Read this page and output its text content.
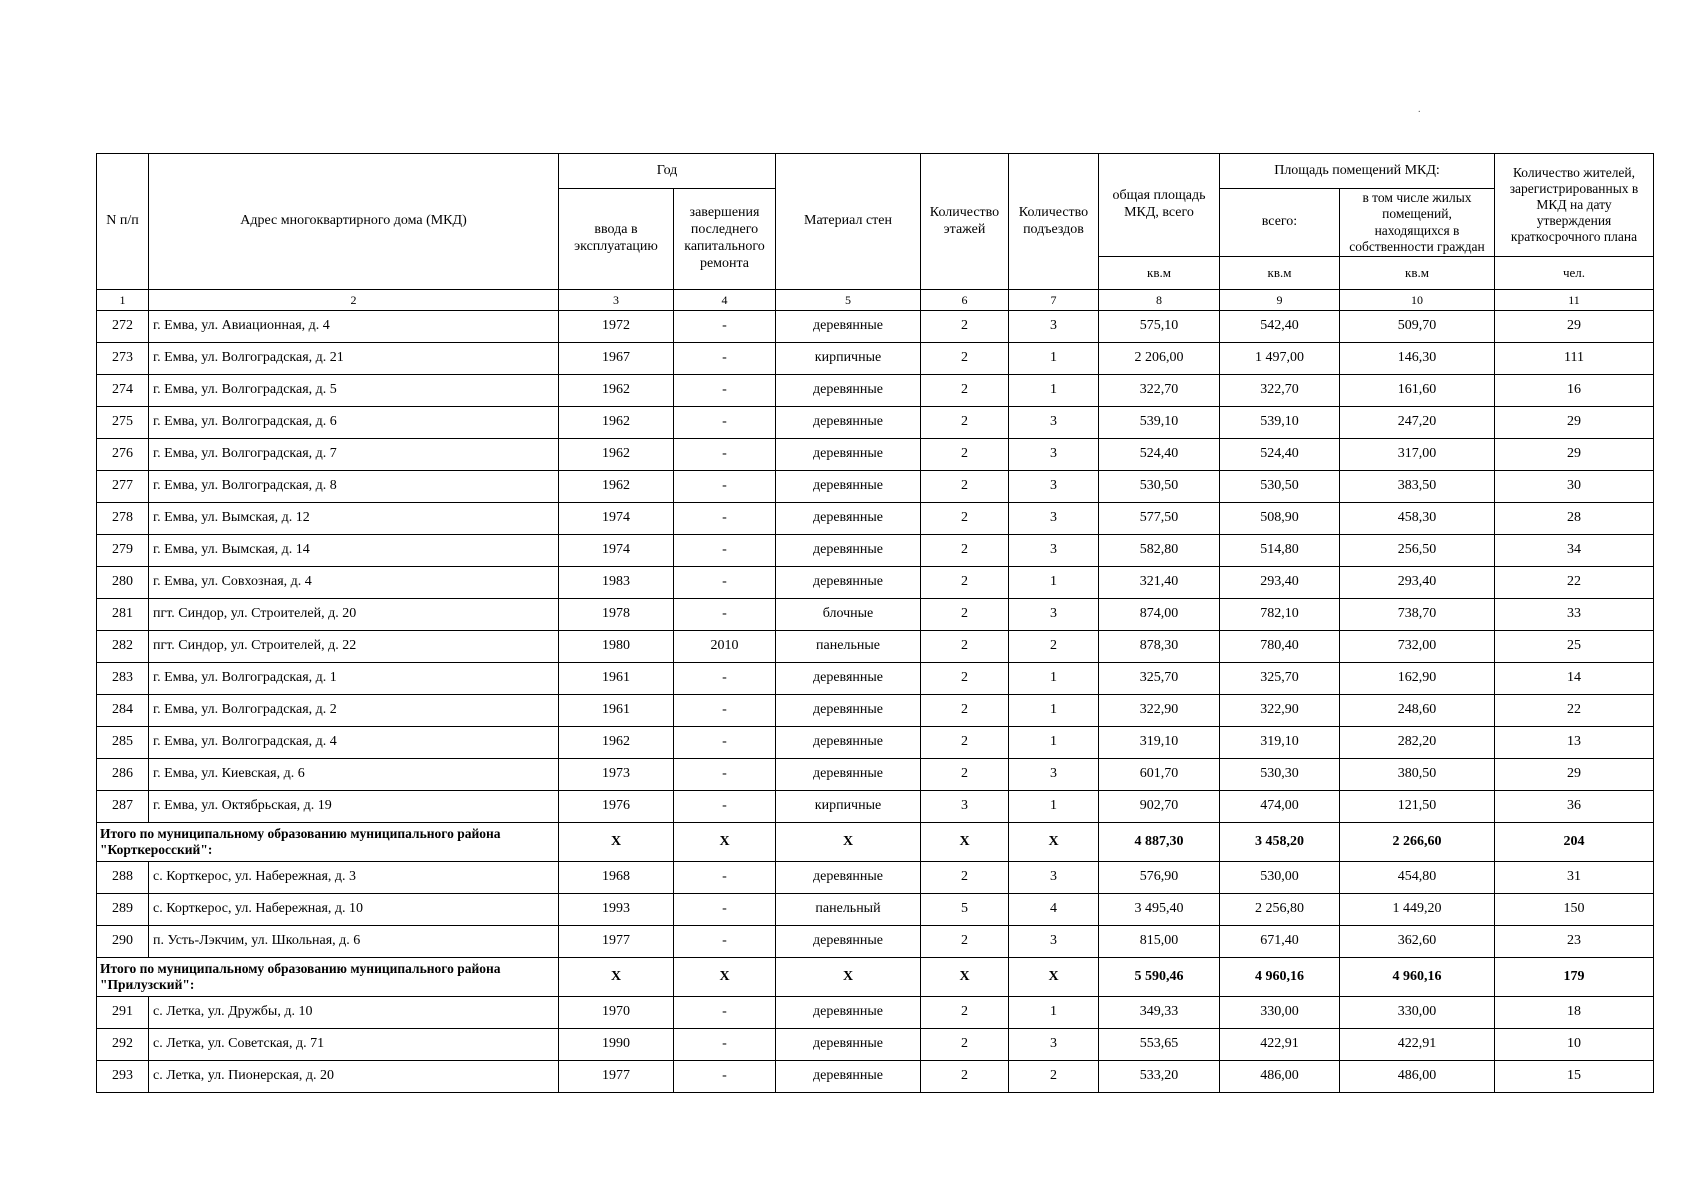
.
N п/п	Адрес многоквартирного дома (МКД)	Год		Материал стен	Количество этажей	Количество подъездов	общая площадь МКД, всего	Площадь помещений МКД:		Количество жителей, зарегистрированных в МКД на дату утверждения краткосрочного плана
		ввода в эксплуатацию	завершения последнего капитального ремонта					всего:	в том числе жилых помещений, находящихся в собственности граждан	
							кв.м	кв.м	кв.м	чел.
1	2	3	4	5	6	7	8	9	10	11
272	г. Емва, ул. Авиационная, д. 4	1972	-	деревянные	2	3	575,10	542,40	509,70	29
273	г. Емва, ул. Волгоградская, д. 21	1967	-	кирпичные	2	1	2 206,00	1 497,00	146,30	111
274	г. Емва, ул. Волгоградская, д. 5	1962	-	деревянные	2	1	322,70	322,70	161,60	16
275	г. Емва, ул. Волгоградская, д. 6	1962	-	деревянные	2	3	539,10	539,10	247,20	29
276	г. Емва, ул. Волгоградская, д. 7	1962	-	деревянные	2	3	524,40	524,40	317,00	29
277	г. Емва, ул. Волгоградская, д. 8	1962	-	деревянные	2	3	530,50	530,50	383,50	30
278	г. Емва, ул. Вымская, д. 12	1974	-	деревянные	2	3	577,50	508,90	458,30	28
279	г. Емва, ул. Вымская, д. 14	1974	-	деревянные	2	3	582,80	514,80	256,50	34
280	г. Емва, ул. Совхозная, д. 4	1983	-	деревянные	2	1	321,40	293,40	293,40	22
281	пгт. Синдор, ул. Строителей, д. 20	1978	-	блочные	2	3	874,00	782,10	738,70	33
282	пгт. Синдор, ул. Строителей, д. 22	1980	2010	панельные	2	2	878,30	780,40	732,00	25
283	г. Емва, ул. Волгоградская, д. 1	1961	-	деревянные	2	1	325,70	325,70	162,90	14
284	г. Емва, ул. Волгоградская, д. 2	1961	-	деревянные	2	1	322,90	322,90	248,60	22
285	г. Емва, ул. Волгоградская, д. 4	1962	-	деревянные	2	1	319,10	319,10	282,20	13
286	г. Емва, ул. Киевская, д. 6	1973	-	деревянные	2	3	601,70	530,30	380,50	29
287	г. Емва, ул. Октябрьская, д. 19	1976	-	кирпичные	3	1	902,70	474,00	121,50	36
Итого по муниципальному образованию муниципального района "Корткеросский":		X	X	X	X	X	4 887,30	3 458,20	2 266,60	204
288	с. Корткерос, ул. Набережная, д. 3	1968	-	деревянные	2	3	576,90	530,00	454,80	31
289	с. Корткерос, ул. Набережная, д. 10	1993	-	панельный	5	4	3 495,40	2 256,80	1 449,20	150
290	п. Усть-Лэкчим, ул. Школьная, д. 6	1977	-	деревянные	2	3	815,00	671,40	362,60	23
Итого по муниципальному образованию муниципального района "Прилузский":		X	X	X	X	X	5 590,46	4 960,16	4 960,16	179
291	с. Летка, ул. Дружбы, д. 10	1970	-	деревянные	2	1	349,33	330,00	330,00	18
292	с. Летка, ул. Советская, д. 71	1990	-	деревянные	2	3	553,65	422,91	422,91	10
293	с. Летка, ул. Пионерская, д. 20	1977	-	деревянные	2	2	533,20	486,00	486,00	15
